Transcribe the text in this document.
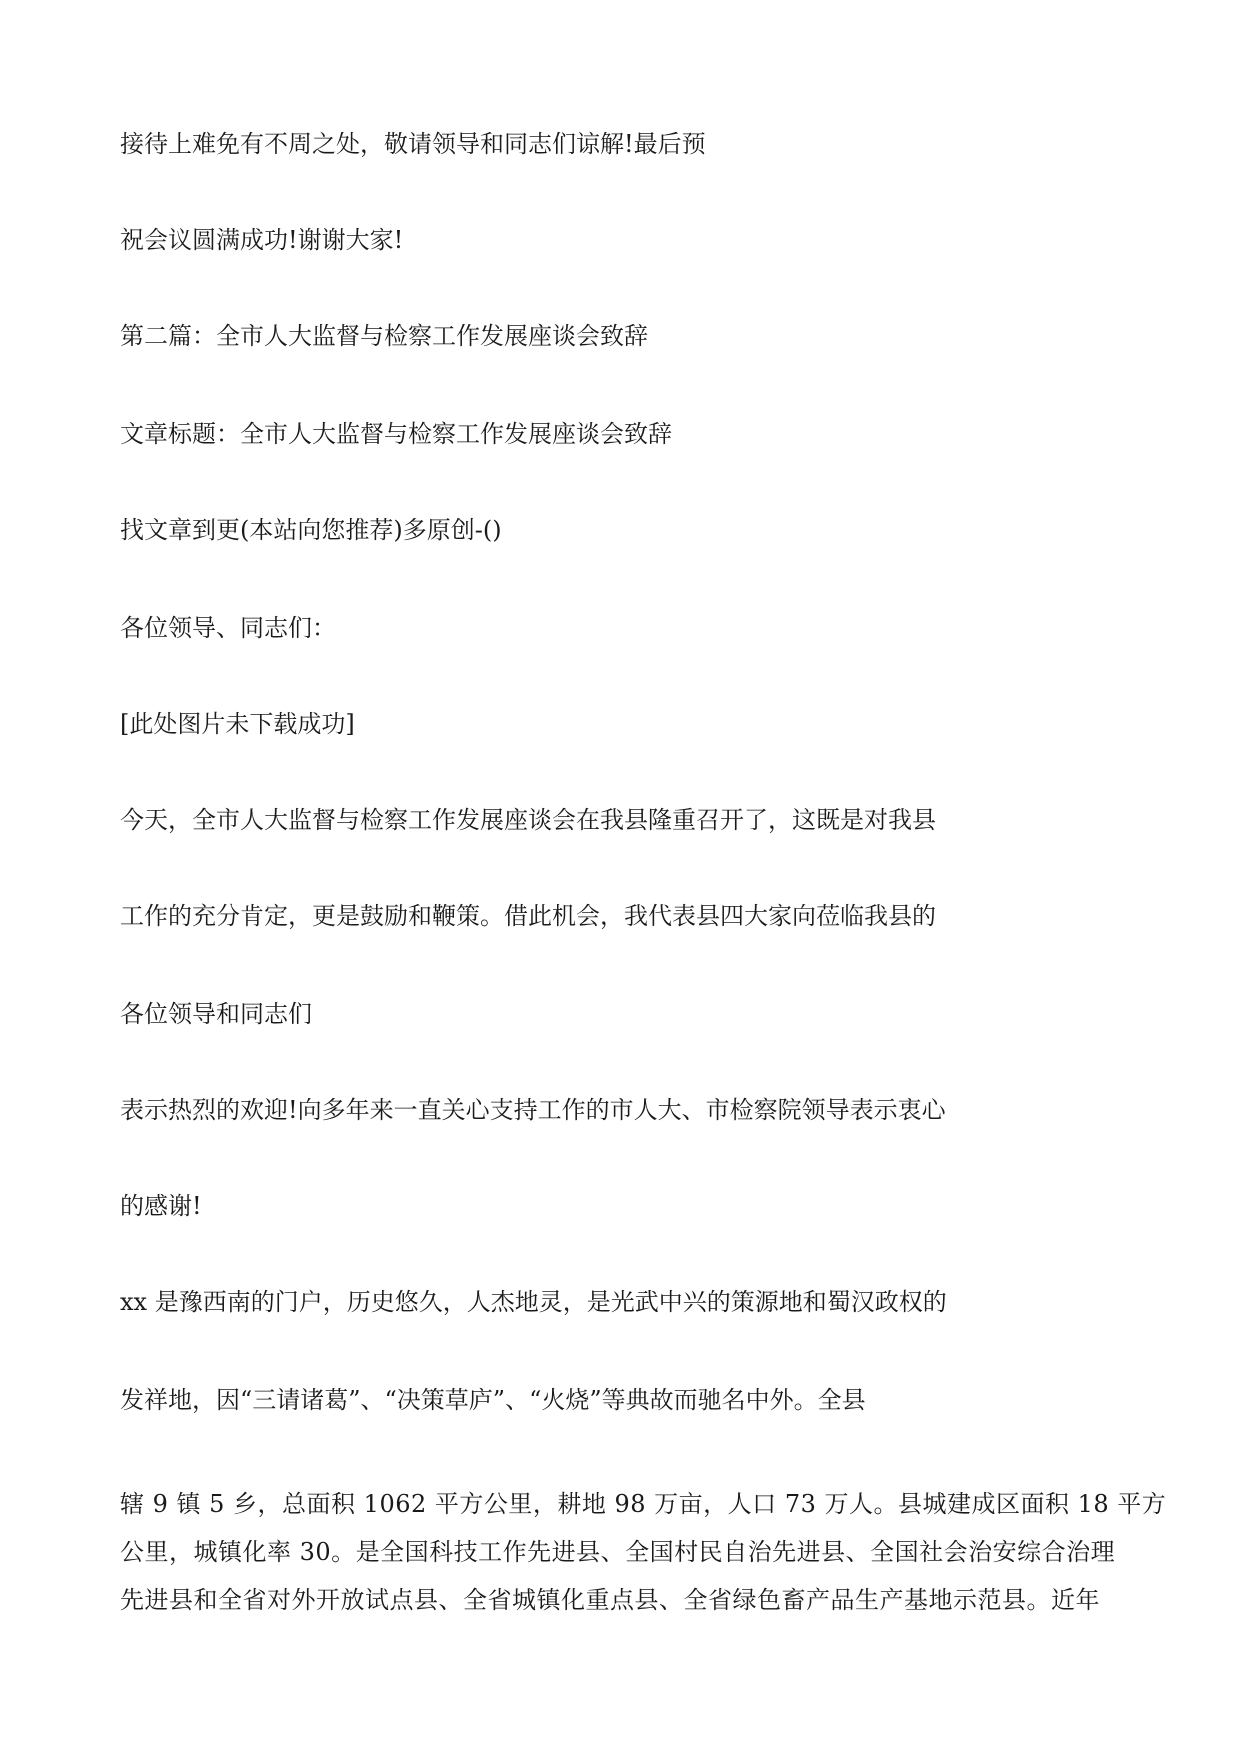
接待上难免有不周之处，敬请领导和同志们谅解!最后预

祝会议圆满成功!谢谢大家!

第二篇：全市人大监督与检察工作发展座谈会致辞

文章标题：全市人大监督与检察工作发展座谈会致辞

找文章到更(本站向您推荐)多原创-()

各位领导、同志们：

[此处图片未下载成功]

今天，全市人大监督与检察工作发展座谈会在我县隆重召开了，这既是对我县

工作的充分肯定，更是鼓励和鞭策。借此机会，我代表县四大家向莅临我县的

各位领导和同志们

表示热烈的欢迎!向多年来一直关心支持工作的市人大、市检察院领导表示衷心

的感谢!

xx 是豫西南的门户，历史悠久，人杰地灵，是光武中兴的策源地和蜀汉政权的

发祥地，因“三请诸葛”、“决策草庐”、“火烧”等典故而驰名中外。全县

辖 9 镇 5 乡，总面积 1062 平方公里，耕地 98 万亩，人口 73 万人。县城建成区面积 18 平方
公里，城镇化率 30。是全国科技工作先进县、全国村民自治先进县、全国社会治安综合治理
先进县和全省对外开放试点县、全省城镇化重点县、全省绿色畜产品生产基地示范县。近年
